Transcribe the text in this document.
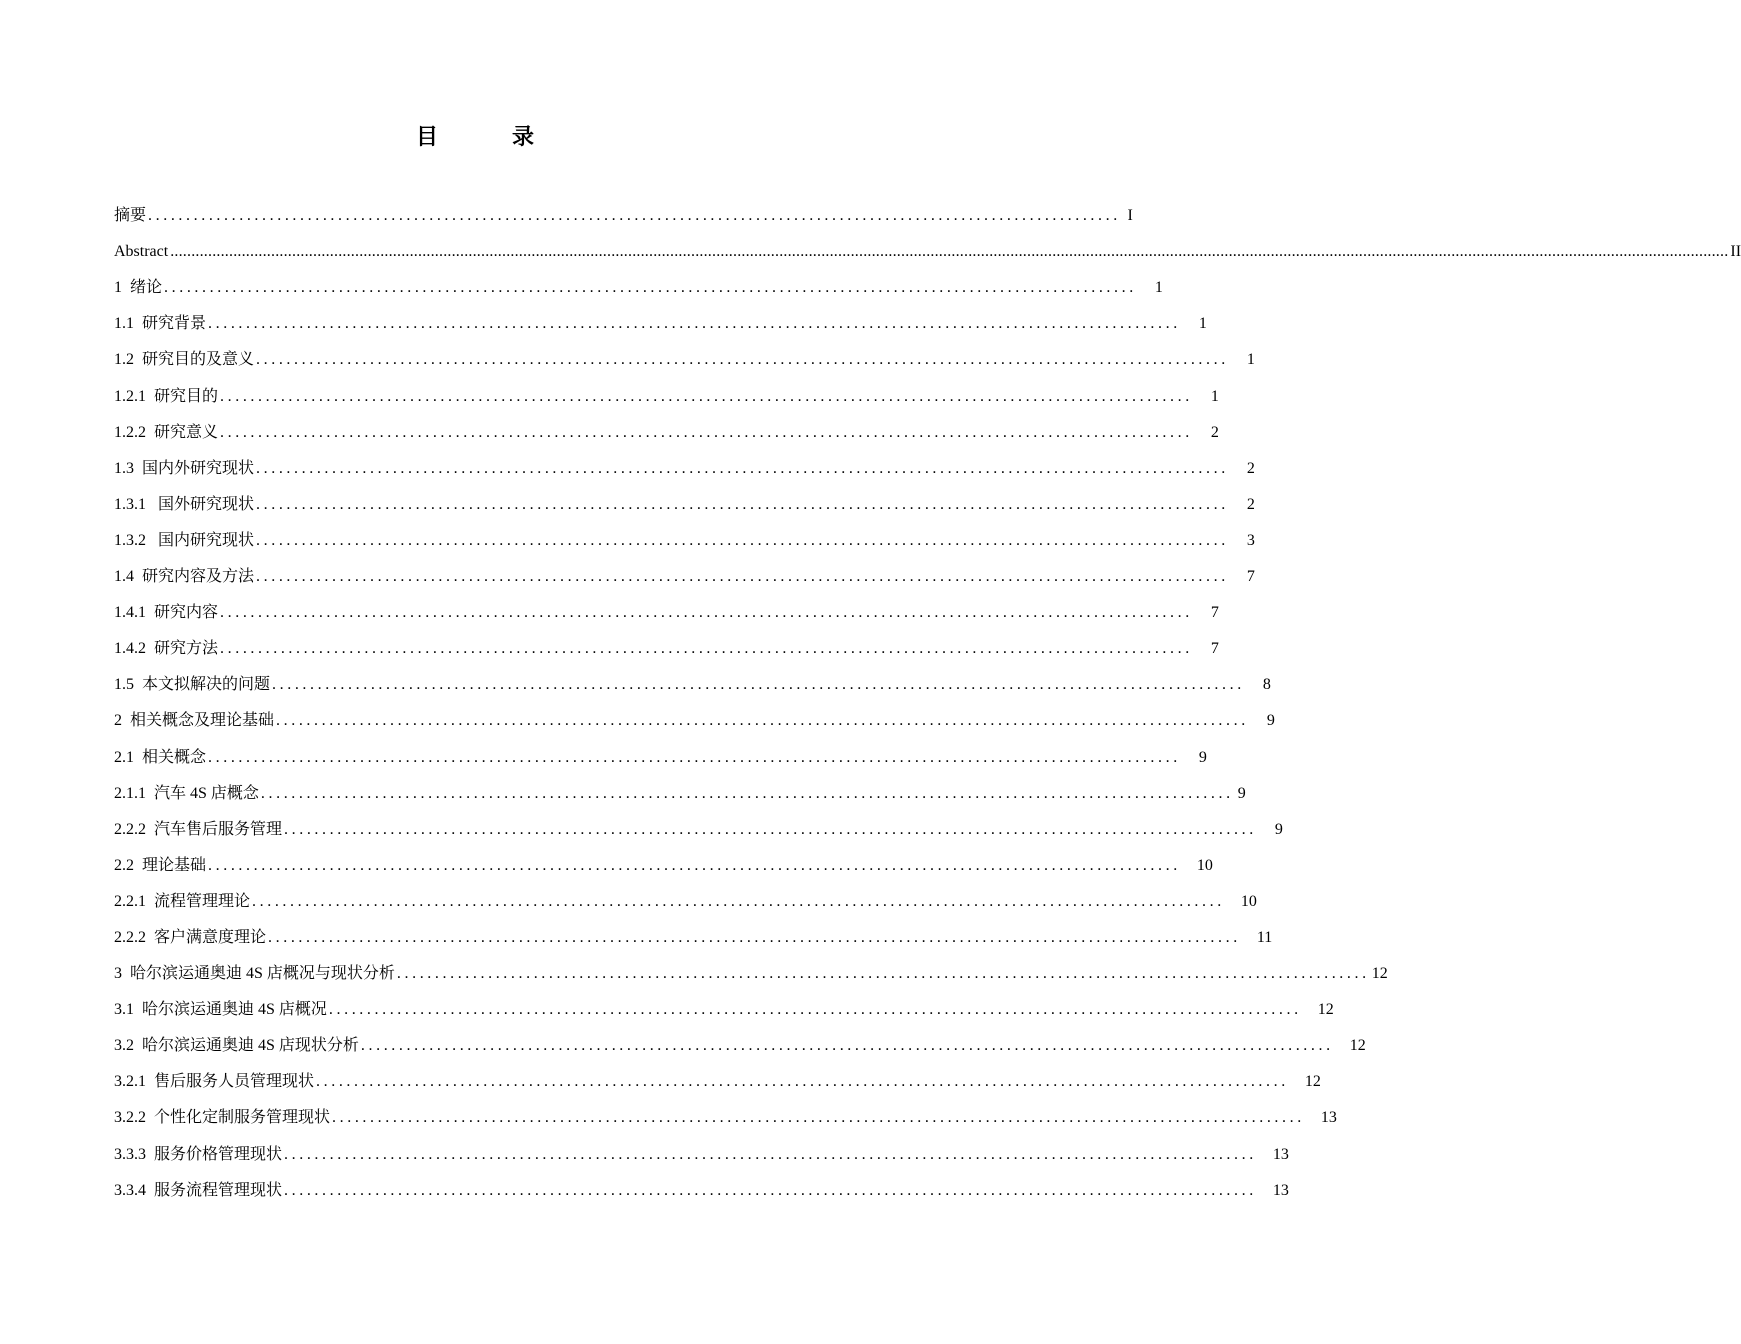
目　录
摘要 ................................................................................................................................ I
Abstract ................................................................................................................................................................................................................................................................................................................................................................................... II
1 绪论 ................................................................................................................................	1
1.1 研究背景 ................................................................................................................................	1
1.2 研究目的及意义 ................................................................................................................................	1
1.2.1 研究目的 ................................................................................................................................	1
1.2.2 研究意义 ................................................................................................................................	2
1.3 国内外研究现状 ................................................................................................................................	2
1.3.1 国外研究现状 ................................................................................................................................	2
1.3.2 国内研究现状 ................................................................................................................................	3
1.4 研究内容及方法 ................................................................................................................................	7
1.4.1 研究内容 ................................................................................................................................	7
1.4.2 研究方法 ................................................................................................................................	7
1.5 本文拟解决的问题 ................................................................................................................................	8
2 相关概念及理论基础 ................................................................................................................................	9
2.1 相关概念 ................................................................................................................................	9
2.1.1 汽车 4S 店概念 ................................................................................................................................ 9
2.2.2 汽车售后服务管理 ................................................................................................................................	9
2.2 理论基础 ................................................................................................................................	10
2.2.1 流程管理理论 ................................................................................................................................	10
2.2.2 客户满意度理论 ................................................................................................................................	11
3 哈尔滨运通奥迪 4S 店概况与现状分析 ................................................................................................................................ 12
3.1 哈尔滨运通奥迪 4S 店概况 ................................................................................................................................	12
3.2 哈尔滨运通奥迪 4S 店现状分析 ................................................................................................................................	12
3.2.1 售后服务人员管理现状 ................................................................................................................................	12
3.2.2 个性化定制服务管理现状 ................................................................................................................................	13
3.3.3 服务价格管理现状 ................................................................................................................................	13
3.3.4 服务流程管理现状 ................................................................................................................................	13
